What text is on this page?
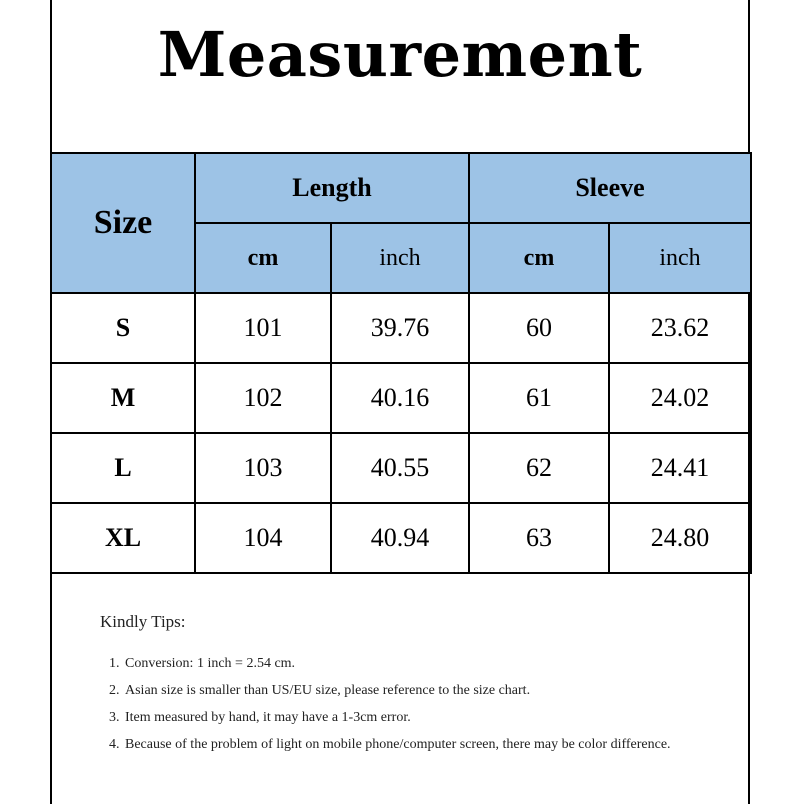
Measurement
Size	Length		Sleeve	
	cm	inch	cm	inch
S	101	39.76	60	23.62
M	102	40.16	61	24.02
L	103	40.55	62	24.41
XL	104	40.94	63	24.80
Kindly Tips:
1. Conversion: 1 inch = 2.54 cm.
2. Asian size is smaller than US/EU size, please reference to the size chart.
3. Item measured by hand, it may have a 1-3cm error.
4. Because of the problem of light on mobile phone/computer screen, there may be color difference.
